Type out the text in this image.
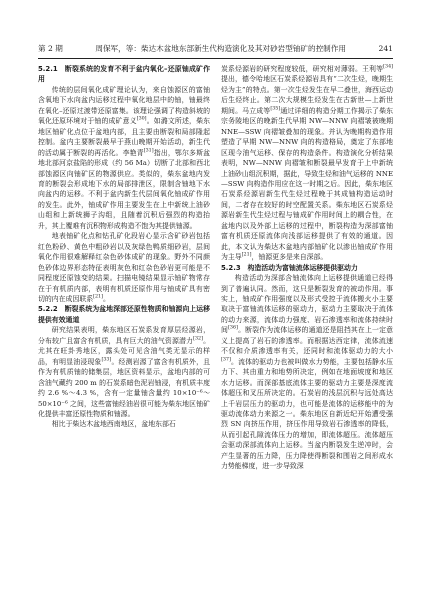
第 2 期	周保军，等：柴达木盆地东部新生代构造演化及其对砂岩型铀矿的控制作用	241
5.2.1　断裂系统的发育不利于盆内氧化–还原铀成矿作用

传统的层间氧化成矿理论认为，来自蚀源区的富铀含氧地下水向盆内运移过程中氧化地层中的铀，铀最终在氧化–还原过渡带还原富集。该理论强调了构造斜坡的氧化还原环境对于铀的成矿意义[30]。如潞文所述，柴东地区铀矿化点位于盆地内部，且主要由断裂和局部隆起控制。盆内主要断裂最早于燕山晚期开始活动，新生代的活动属于断裂的再活化。李艳青[31]指出，鄂尔多斯盆地北部河京盐陷的形成（约 56 Ma）切断了北部和西北部蚀源区向铀矿区的物源供应。类似的，柴东盆地内发育的断裂会形成地下水的局部排泄区，限制含铀地下水向盆内的运移。不利于盆内新生代层间氧化铀成矿作用的发生。此外，铀成矿作用主要发生在上中新统上油砂山组和上新统狮子沟组，且随着沉积后强烈的构造抬升，其上覆难有沉积物形成构造不饱为其提供铀源。

地表铀矿化点和钻孔矿化段岩心显示含矿砂岩包括红色粉砂、黄色中粗砂岩以及灰绿色鸭质细砂岩，层间氧化作用很难解释红杂色砂体成矿的现象。野外不同颜色砂体边界形态特征表明灰色和红杂色砂岩更可能是不同程度还原蚀变的结果。扫描电镜结果显示铀矿物常存在于有机质内部，表明有机质还原作用与铀成矿具有密切的内在成因联系[21]。

5.2.2　断裂系统为盆地深部还原性物质和铀源向上运移提供有效通道

研究结果表明，柴东地区石炭系发育厚层烃源岩，分布较广且富含有机质，具有巨大的油气资源潜力[32]。尤其在旺卦秀地区，露头处可见含油气类无显示的样品，有明显油浸现象[33]。经测岩源了富含有机质外，且作为有机质铀的储集层，地区资料显示，盆地内部的可含油气藏约 200 m 的石炭系暗色泥岩铀浸，有机质丰度约 2.6 %～4.3 %，含有一定量铀含量约 10×10⁻⁶～50×10⁻⁶ 之间，这些富铀经油岩很可能为柴东地区铀矿化提供丰富还原性物质和铀源。

相比于柴达木盆地西南地区，盆地东部石

炭系烃源岩的研究程度较低，研究相对薄弱。王利等[34]提出，德令哈地区石炭系烃源岩具有“二次生烃，晚期生烃为主”的特点。第一次生烃发生在早二叠世，海西运动后生烃终止。第二次大规模生烃发生在古新世—上新世期间。马立成等[35]通过详细的构造分期工作揭示了柴东宗务陵地区的晚新生代早期 NW—NNW 向褶皱被晚期 NNE—SSW 向褶皱叠加的现象。并认为晚期构造作用塑造了早期 NW—NNW 向的构造格局，奠定了东部地区现今油气运移、保存的构造条件。构造演化分析结果表明，NW—NNW 向褶皱和断裂最早发育于上中新统上油砂山组沉积期，据此，导致生烃和油气运移的 NNE—SSW 向构造作用应在这一时期之后。因此，柴东地区石炭系烃源岩新生代生烃过程晚于其成铀构造运动时间，二者存在较好的时空配置关系。柴东地区石炭系烃源岩新生代生烃过程与铀成矿作用时间上的耦合性，在盆地内以及外部上运移的过程中，断裂构造为深部富铀富有机质还原流体向浅部运移提供了有效的通道。因此，本文认为柴达木盆地内部铀矿化以渗出铀成矿作用为主导[21]，铀源更多是来自深部。

5.2.3　构造活动为富铀流体运移提供驱动力

构造活动为深部含铀流体向上运移提供通道已经得到了普遍认同。然而，这只是断裂发育的被动作用。事实上，铀成矿作用强度以及形式受控于流体搬火小主要取决于富铀流体运移的驱动力，驱动力主要取决于流体的动力来源，流体动力强度、岩石渗透率和流体持续时间[36]。断裂作为流体运移的通道还是阻挡其在上一定意义上提高了岩石的渗透率。而根据达西定律，流体流速不仅和介质渗透率有关，还同时和流体驱动力的大小[37]。流体的驱动力也被叫做水力势能，主要包括静水压力下、其由重力和地势所决定，例如在地面坡度和地区水力运移。而深部基底流体主要的驱动力主要是深度流体超压和叉压所决定的。石炭岩的浅层沉积与远处高达上千岩层压力的驱动力，也可能是流体的运移能中的为驱动流体动力来源之一。柴东地区自新近纪开始遭受强烈 SN 向挤压作用，挤压作用导致岩石渗透率的降低，从而引起孔隙流体压力的增加，即流体超压。流体超压会驱动深部流体向上运移。当盆内断裂发生逆冲时，会产生显著的压力降，压力降使得断裂和围岩之间形成水力势能梯度，进一步导致深
